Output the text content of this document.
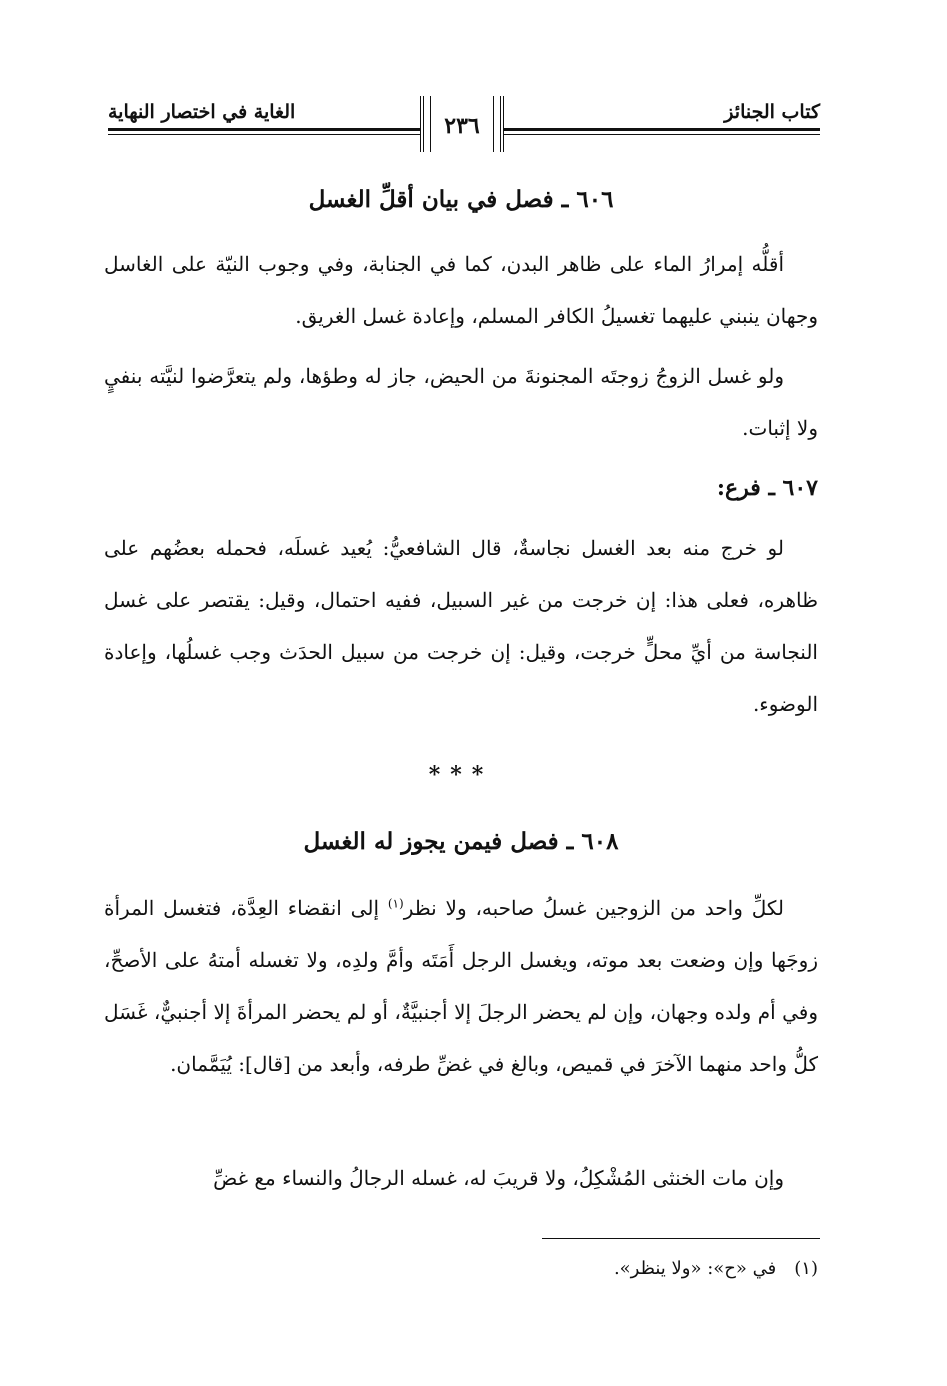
كتاب الجنائز
٢٣٦
الغاية في اختصار النهاية
٦٠٦ ـ فصل في بيان أقلِّ الغسل

أقلُّه إمرارُ الماء على ظاهر البدن، كما في الجنابة، وفي وجوب النيّة على الغاسل وجهان ينبني عليهما تغسيلُ الكافر المسلم، وإعادة غسل الغريق.

ولو غسل الزوجُ زوجتَه المجنونةَ من الحيض، جاز له وطؤها، ولم يتعرَّضوا لنيَّته بنفيٍ ولا إثبات.

٦٠٧ ـ فرع:

لو خرج منه بعد الغسل نجاسةٌ، قال الشافعيُّ: يُعيد غسلَه، فحمله بعضُهم على ظاهره، فعلى هذا: إن خرجت من غير السبيل، ففيه احتمال، وقيل: يقتصر على غسل النجاسة من أيِّ محلٍّ خرجت، وقيل: إن خرجت من سبيل الحدَث وجب غسلُها، وإعادة الوضوء.

***
٦٠٨ ـ فصل فيمن يجوز له الغسل

لكلِّ واحد من الزوجين غسلُ صاحبه، ولا نظر$^{(١)}$ إلى انقضاء العِدَّة، فتغسل المرأة زوجَها وإن وضعت بعد موته، ويغسل الرجل أَمَتَه وأمَّ ولدِه، ولا تغسله أمتهُ على الأصحِّ، وفي أم ولده وجهان، وإن لم يحضر الرجلَ إلا أجنبيَّةٌ، أو لم يحضر المرأةَ إلا أجنبيٌّ، غَسَل كلُّ واحد منهما الآخرَ في قميص، وبالغ في غضِّ طرفه، وأبعد من [قال]: يُيَمَّمان.

وإن مات الخنثى المُشْكِلُ، ولا قريبَ له، غسله الرجالُ والنساء مع غضِّ

(١)في «ح»: «ولا ينظر».
